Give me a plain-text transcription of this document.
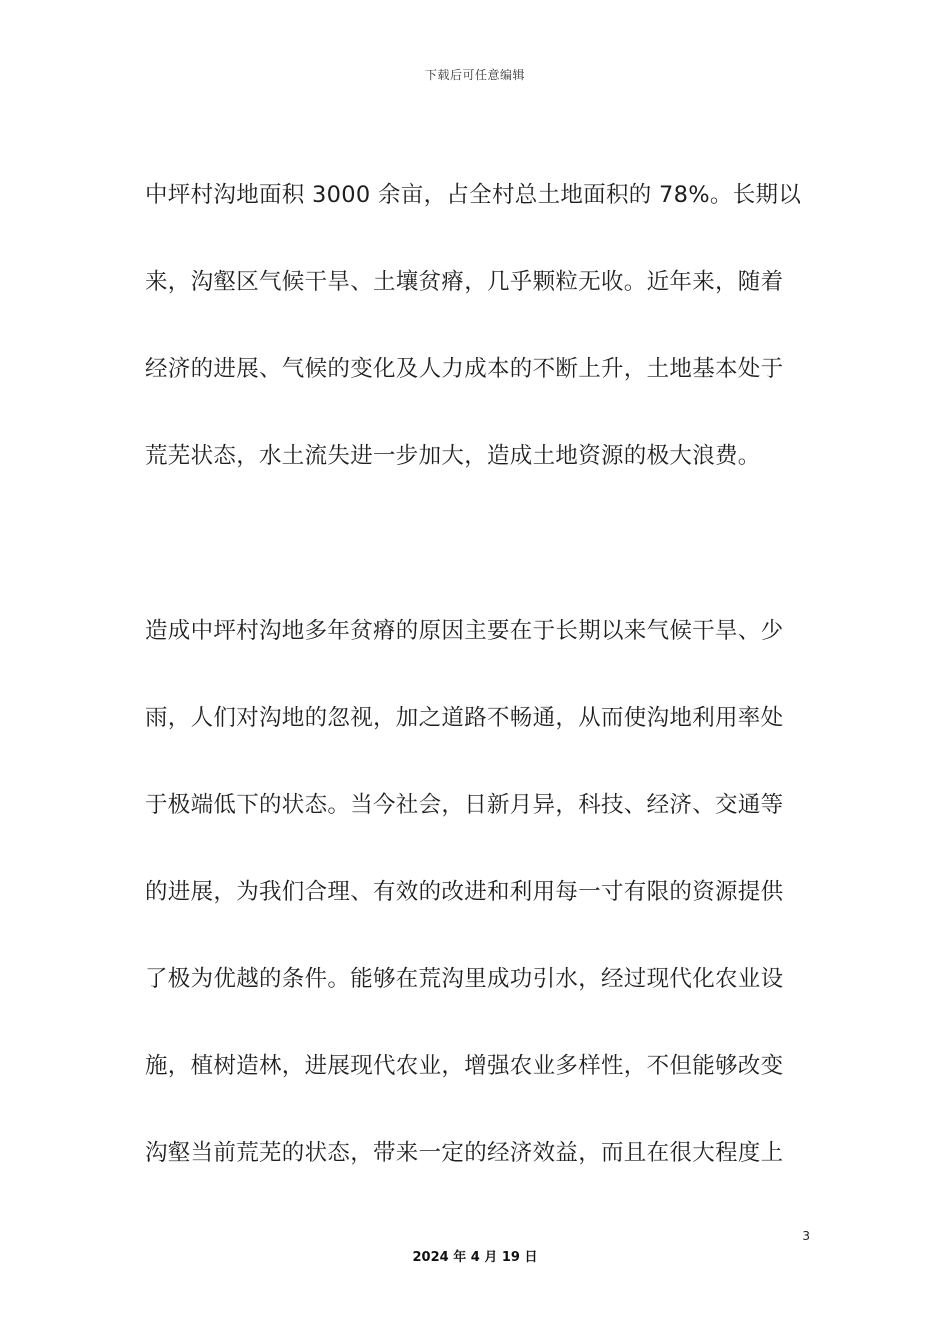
下载后可任意编辑
中坪村沟地面积 3000 余亩，占全村总土地面积的 78%。长期以
来，沟壑区气候干旱、土壤贫瘠，几乎颗粒无收。近年来，随着
经济的进展、气候的变化及人力成本的不断上升，土地基本处于
荒芜状态，水土流失进一步加大，造成土地资源的极大浪费。
造成中坪村沟地多年贫瘠的原因主要在于长期以来气候干旱、少
雨，人们对沟地的忽视，加之道路不畅通，从而使沟地利用率处
于极端低下的状态。当今社会，日新月异，科技、经济、交通等
的进展，为我们合理、有效的改进和利用每一寸有限的资源提供
了极为优越的条件。能够在荒沟里成功引水，经过现代化农业设
施，植树造林，进展现代农业，增强农业多样性，不但能够改变
沟壑当前荒芜的状态，带来一定的经济效益，而且在很大程度上
3
2024 年 4 月 19 日
